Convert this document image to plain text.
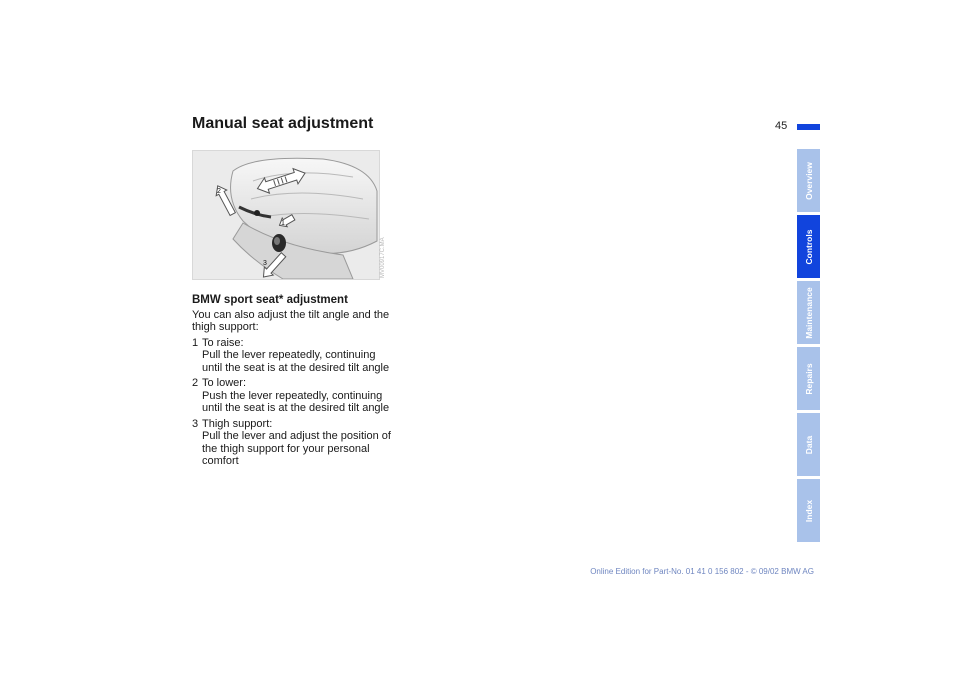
Manual seat adjustment	45
1
2
3	MV00917C.MA

BMW sport seat* adjustment

You can also adjust the tilt angle and the thigh support:

1 To raise:
Pull the lever repeatedly, continuing until the seat is at the desired tilt angle
2 To lower:
Push the lever repeatedly, continuing until the seat is at the desired tilt angle
3 Thigh support:
Pull the lever and adjust the position of the thigh support for your personal comfort
Overview
Controls
Maintenance
Repairs
Data
Index
Online Edition for Part-No. 01 41 0 156 802 - © 09/02 BMW AG
